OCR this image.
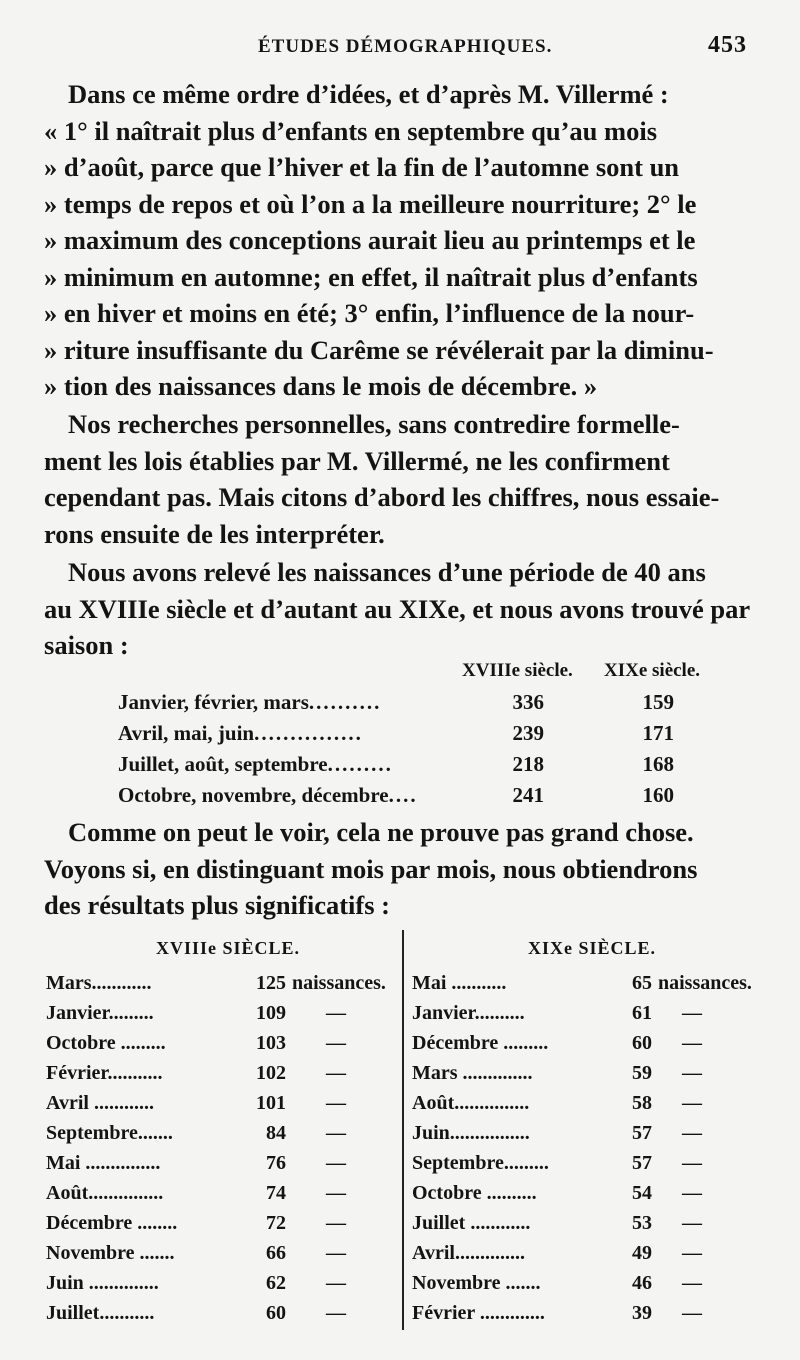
ÉTUDES DÉMOGRAPHIQUES.	453
Dans ce même ordre d’idées, et d’après M. Villermé :
« 1° il naîtrait plus d’enfants en septembre qu’au mois
» d’août, parce que l’hiver et la fin de l’automne sont un
» temps de repos et où l’on a la meilleure nourriture; 2° le
» maximum des conceptions aurait lieu au printemps et le
» minimum en automne; en effet, il naîtrait plus d’enfants
» en hiver et moins en été; 3° enfin, l’influence de la nour-
» riture insuffisante du Carême se révélerait par la diminu-
» tion des naissances dans le mois de décembre. »
Nos recherches personnelles, sans contredire formelle-
ment les lois établies par M. Villermé, ne les confirment
cependant pas. Mais citons d’abord les chiffres, nous essaie-
rons ensuite de les interpréter.
Nous avons relevé les naissances d’une période de 40 ans
au XVIIIe siècle et d’autant au XIXe, et nous avons trouvé par
saison :
XVIIIe siècle. XIXe siècle.
Janvier, février, mars..........	336	159
Avril, mai, juin...............	239	171
Juillet, août, septembre.........	218	168
Octobre, novembre, décembre....	241	160
Comme on peut le voir, cela ne prouve pas grand chose.
Voyons si, en distinguant mois par mois, nous obtiendrons
des résultats plus significatifs :
XVIIIe SIÈCLE.
Mars............	125 naissances.
Janvier.........	109 —
Octobre .........	103 —
Février...........	102 —
Avril ............	101 —
Septembre.......	84 —
Mai ...............	76 —
Août...............	74 —
Décembre ........	72 —
Novembre .......	66 —
Juin ..............	62 —
Juillet...........	60 —
XIXe SIÈCLE.
Mai ...........	65 naissances.
Janvier..........	61 —
Décembre .........	60 —
Mars ..............	59 —
Août...............	58 —
Juin................	57 —
Septembre.........	57 —
Octobre ..........	54 —
Juillet ............	53 —
Avril..............	49 —
Novembre .......	46 —
Février .............	39 —
